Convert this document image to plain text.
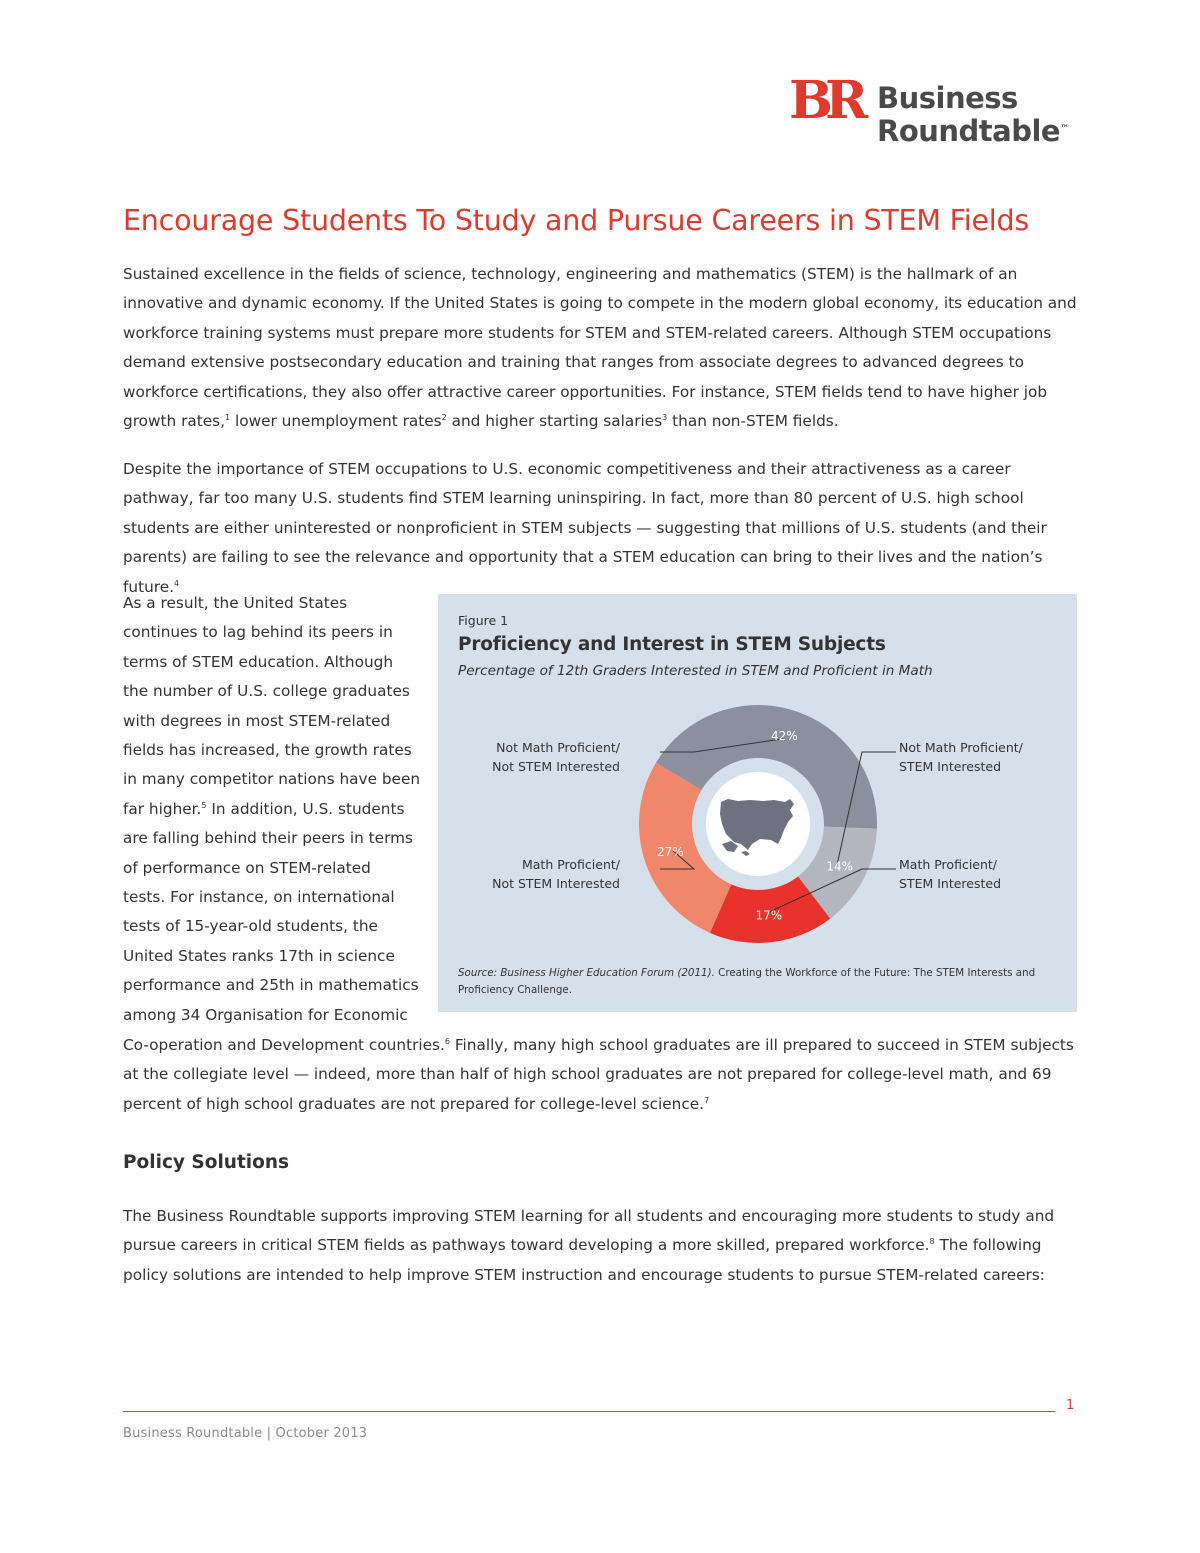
BR Business
Roundtable™
Encourage Students To Study and Pursue Careers in STEM Fields

Sustained excellence in the fields of science, technology, engineering and mathematics (STEM) is the hallmark of an innovative and dynamic economy. If the United States is going to compete in the modern global economy, its education and workforce training systems must prepare more students for STEM and STEM-related careers. Although STEM occupations demand extensive postsecondary education and training that ranges from associate degrees to advanced degrees to workforce certifications, they also offer attractive career opportunities. For instance, STEM fields tend to have higher job growth rates,$^1$ lower unemployment rates$^2$ and higher starting salaries$^3$ than non-STEM fields.

Despite the importance of STEM occupations to U.S. economic competitiveness and their attractiveness as a career pathway, far too many U.S. students find STEM learning uninspiring. In fact, more than 80 percent of U.S. high school students are either uninterested or nonproficient in STEM subjects — suggesting that millions of U.S. students (and their parents) are failing to see the relevance and opportunity that a STEM education can bring to their lives and the nation’s future.$^4$

As a result, the United States
continues to lag behind its peers in
terms of STEM education. Although
the number of U.S. college graduates
with degrees in most STEM-related
fields has increased, the growth rates
in many competitor nations have been
far higher.$^5$ In addition, U.S. students
are falling behind their peers in terms
of performance on STEM-related
tests. For instance, on international
tests of 15-year-old students, the
United States ranks 17th in science
performance and 25th in mathematics
among 34 Organisation for Economic

Co-operation and Development countries.$^6$ Finally, many high school graduates are ill prepared to succeed in STEM subjects at the collegiate level — indeed, more than half of high school graduates are not prepared for college-level math, and 69 percent of high school graduates are not prepared for college-level science.$^7$

Figure 1
Proficiency and Interest in STEM Subjects
Percentage of 12th Graders Interested in STEM and Proficient in Math
42%
14%
17%
27%
Not Math Proficient/
Not STEM Interested
Not Math Proficient/
STEM Interested
Math Proficient/
STEM Interested
Math Proficient/
Not STEM Interested
Source: Business Higher Education Forum (2011). Creating the Workforce of the Future: The STEM Interests and Proficiency Challenge.
Policy Solutions

The Business Roundtable supports improving STEM learning for all students and encouraging more students to study and pursue careers in critical STEM fields as pathways toward developing a more skilled, prepared workforce.$^8$ The following policy solutions are intended to help improve STEM instruction and encourage students to pursue STEM-related careers:

1
Business Roundtable | October 2013
